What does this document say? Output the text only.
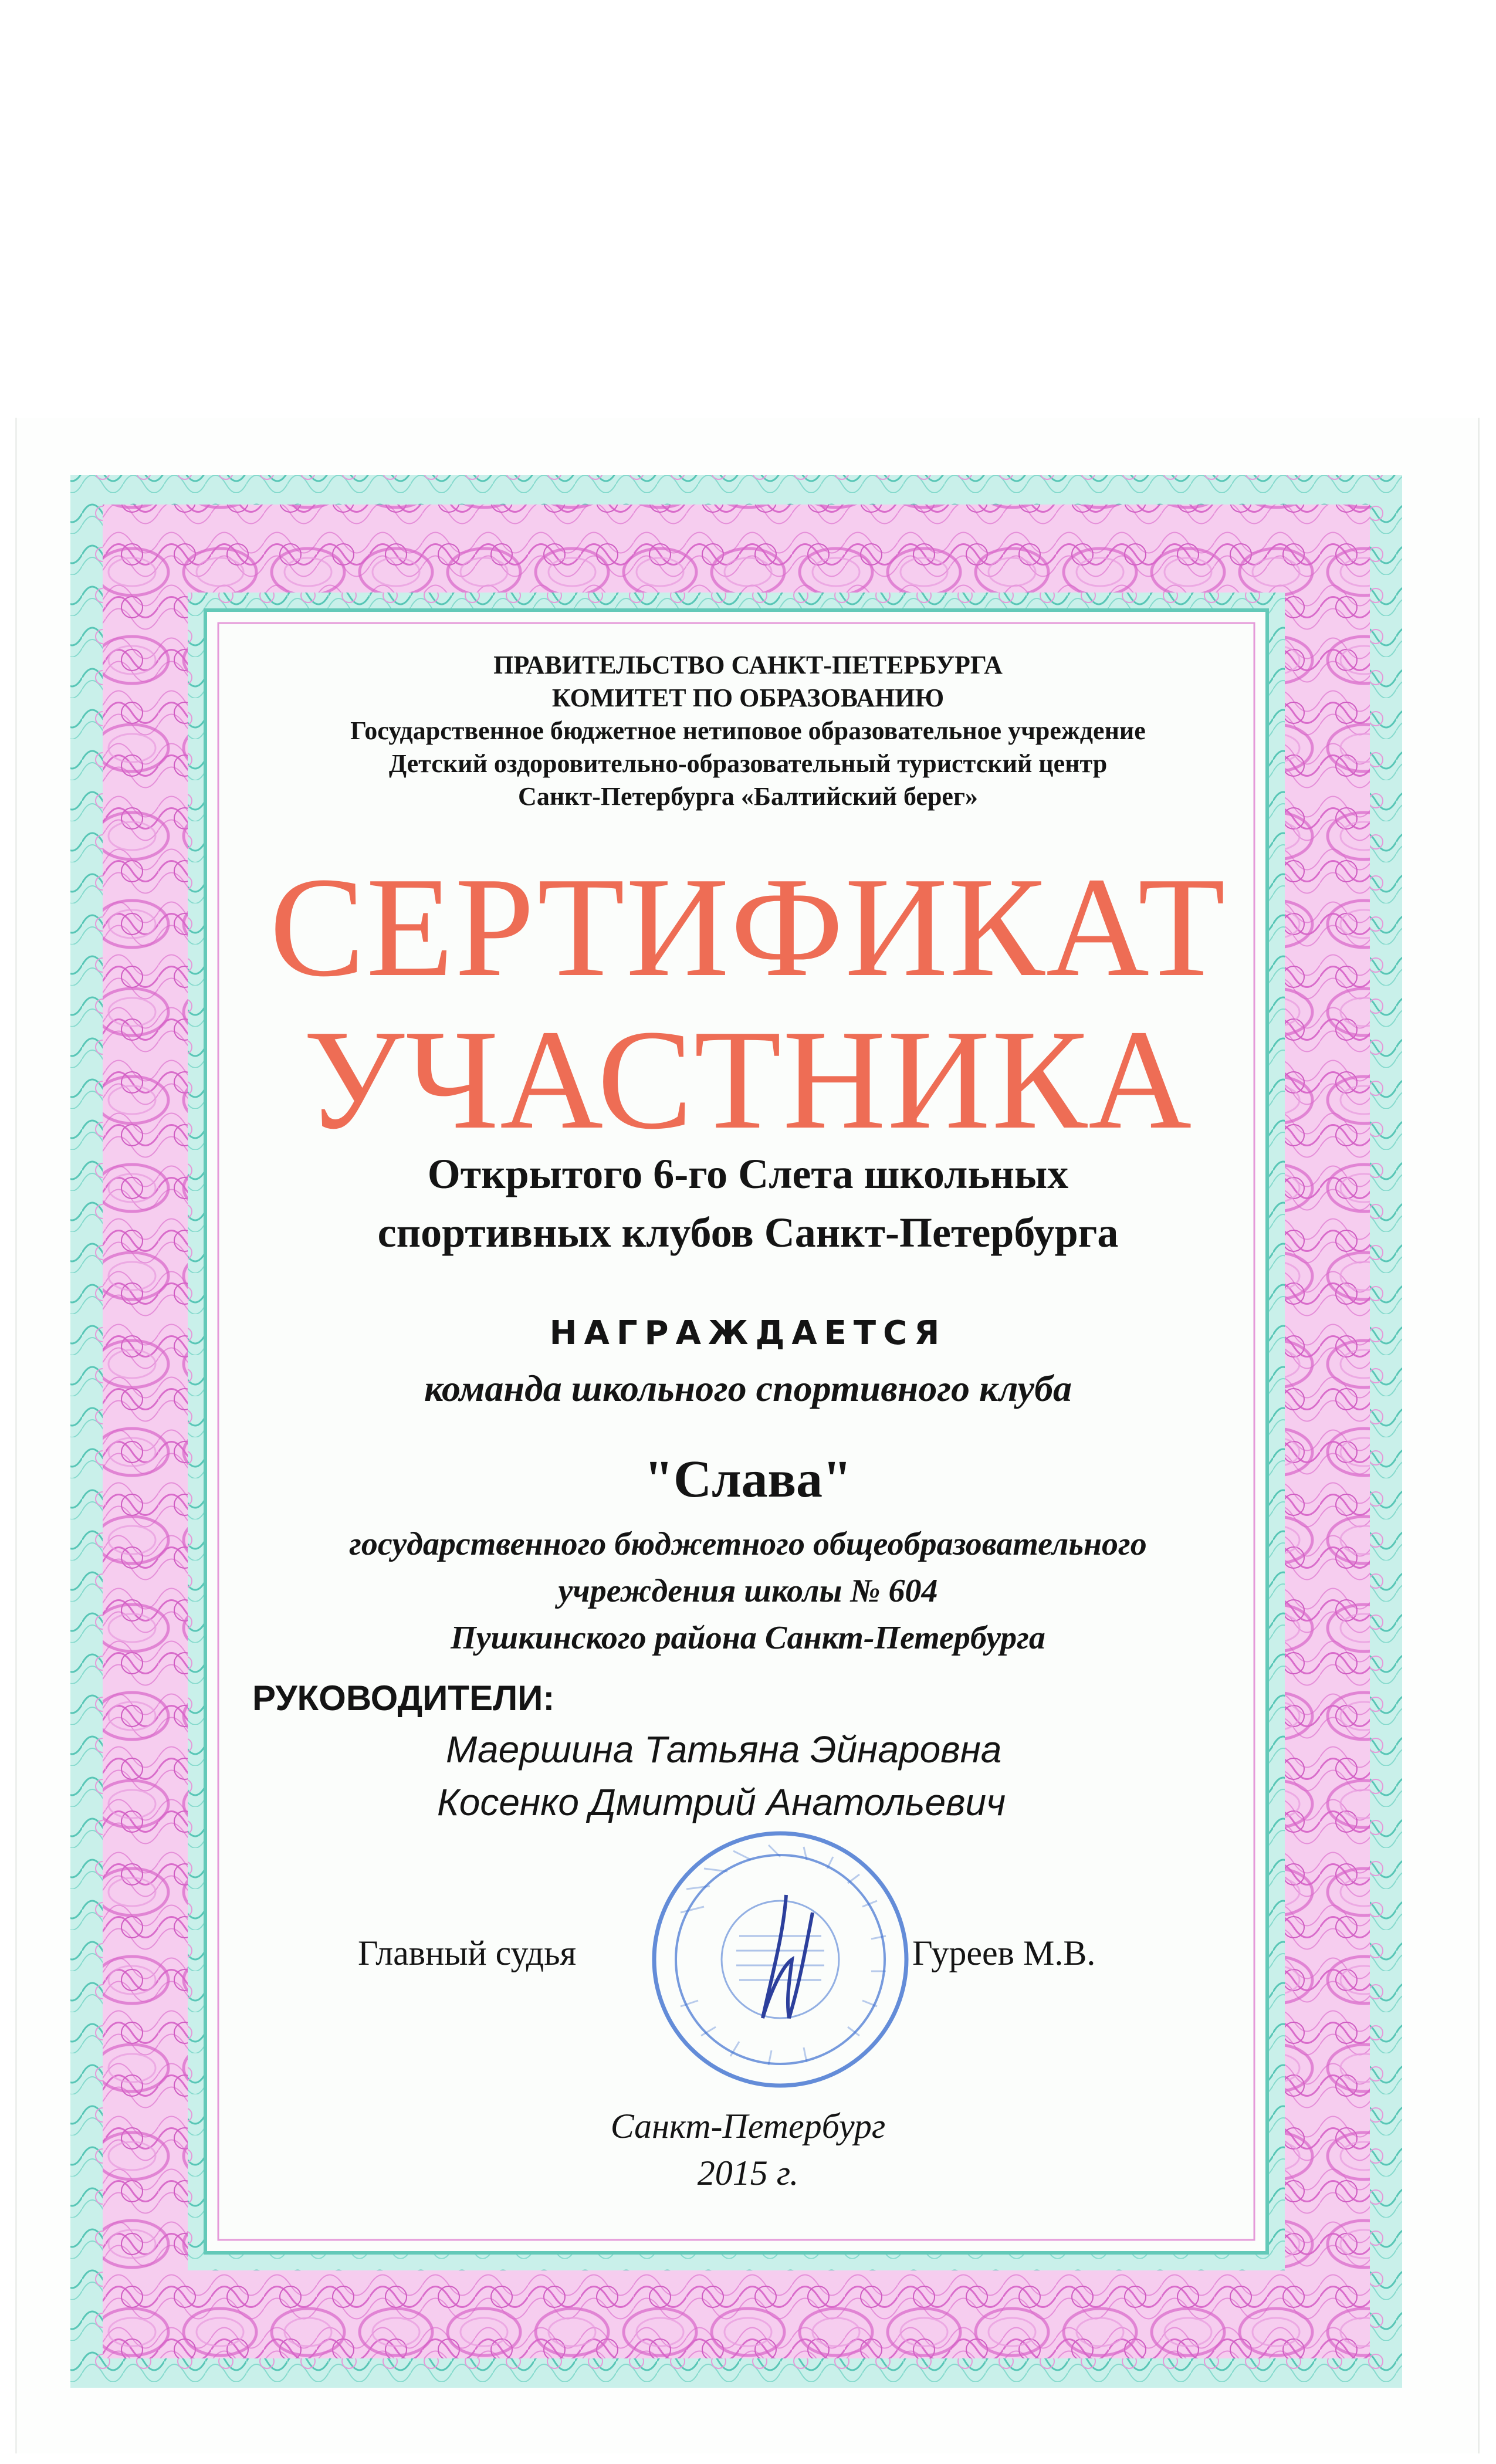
ПРАВИТЕЛЬСТВО САНКТ-ПЕТЕРБУРГА
КОМИТЕТ ПО ОБРАЗОВАНИЮ
Государственное бюджетное нетиповое образовательное учреждение
Детский оздоровительно-образовательный туристский центр
Санкт-Петербурга «Балтийский берег»
СЕРТИФИКАТ
УЧАСТНИКА
Открытого 6-го Слета школьных
спортивных клубов Санкт-Петербурга
НАГРАЖДАЕТСЯ
команда школьного спортивного клуба
"Слава"
государственного бюджетного общеобразовательного
учреждения школы № 604
Пушкинского района Санкт-Петербурга
РУКОВОДИТЕЛИ:
Маершина Татьяна Эйнаровна
Косенко Дмитрий Анатольевич
Главный судья	Гуреев М.В.
Санкт-Петербург
2015 г.
